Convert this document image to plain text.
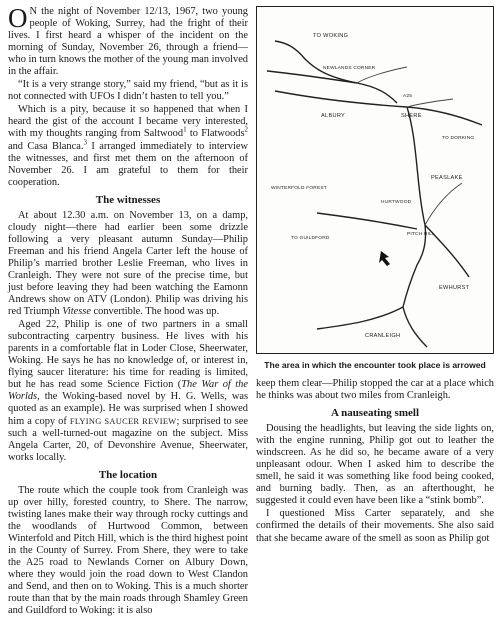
O N the night of November 12/13, 1967, two young people of Woking, Surrey, had the fright of their lives. I first heard a whisper of the incident on the morning of Sunday, November 26, through a friend—who in turn knows the mother of the young man involved in the affair.

“It is a very strange story,” said my friend, “but as it is not connected with UFOs I didn’t hasten to tell you.”

Which is a pity, because it so happened that when I heard the gist of the account I became very interested, with my thoughts ranging from Saltwood$^1$ to Flatwoods$^2$ and Casa Blanca.$^3$ I arranged immediately to interview the witnesses, and first met them on the afternoon of November 26. I am grateful to them for their cooperation.

The witnesses

At about 12.30 a.m. on November 13, on a damp, cloudy night—there had earlier been some drizzle following a very pleasant autumn Sunday—Philip Freeman and his friend Angela Carter left the house of Philip’s married brother Leslie Freeman, who lives in Cranleigh. They were not sure of the precise time, but just before leaving they had been watching the Eamonn Andrews show on ATV (London). Philip was driving his red Triumph Vitesse convertible. The hood was up.

Aged 22, Philip is one of two partners in a small subcontracting carpentry business. He lives with his parents in a comfortable flat in Loder Close, Sheerwater, Woking. He says he has no knowledge of, or interest in, flying saucer literature: his time for reading is limited, but he has read some Science Fiction (The War of the Worlds, the Woking-based novel by H. G. Wells, was quoted as an example). He was surprised when I showed him a copy of FLYING SAUCER REVIEW; surprised to see such a well-turned-out magazine on the subject. Miss Angela Carter, 20, of Devonshire Avenue, Sheerwater, works locally.

The location

The route which the couple took from Cranleigh was up over hilly, forested country, to Shere. The narrow, twisting lanes make their way through rocky cuttings and the woodlands of Hurtwood Common, between Winterfold and Pitch Hill, which is the third highest point in the County of Surrey. From Shere, they were to take the A25 road to Newlands Corner on Albury Down, where they would join the road down to West Clandon and Send, and then on to Woking. This is a much shorter route than that by the main roads through Shamley Green and Guildford to Woking: it is also

TO WOKING
NEWLANDS CORNER
A25
ALBURY	SHERE
TO DORKING
PEASLAKE
WINTERFOLD FOREST
HURTWOOD
PITCH HILL
TO GUILDFORD
EWHURST
CRANLEIGH
The area in which the encounter took place is arrowed

keep them clear—Philip stopped the car at a place which he thinks was about two miles from Cranleigh.

A nauseating smell

Dousing the headlights, but leaving the side lights on, with the engine running, Philip got out to leather the windscreen. As he did so, he became aware of a very unpleasant odour. When I asked him to describe the smell, he said it was something like food being cooked, and burning badly. Then, as an afterthought, he suggested it could even have been like a “stink bomb”.

I questioned Miss Carter separately, and she confirmed the details of their movements. She also said that she became aware of the smell as soon as Philip got
